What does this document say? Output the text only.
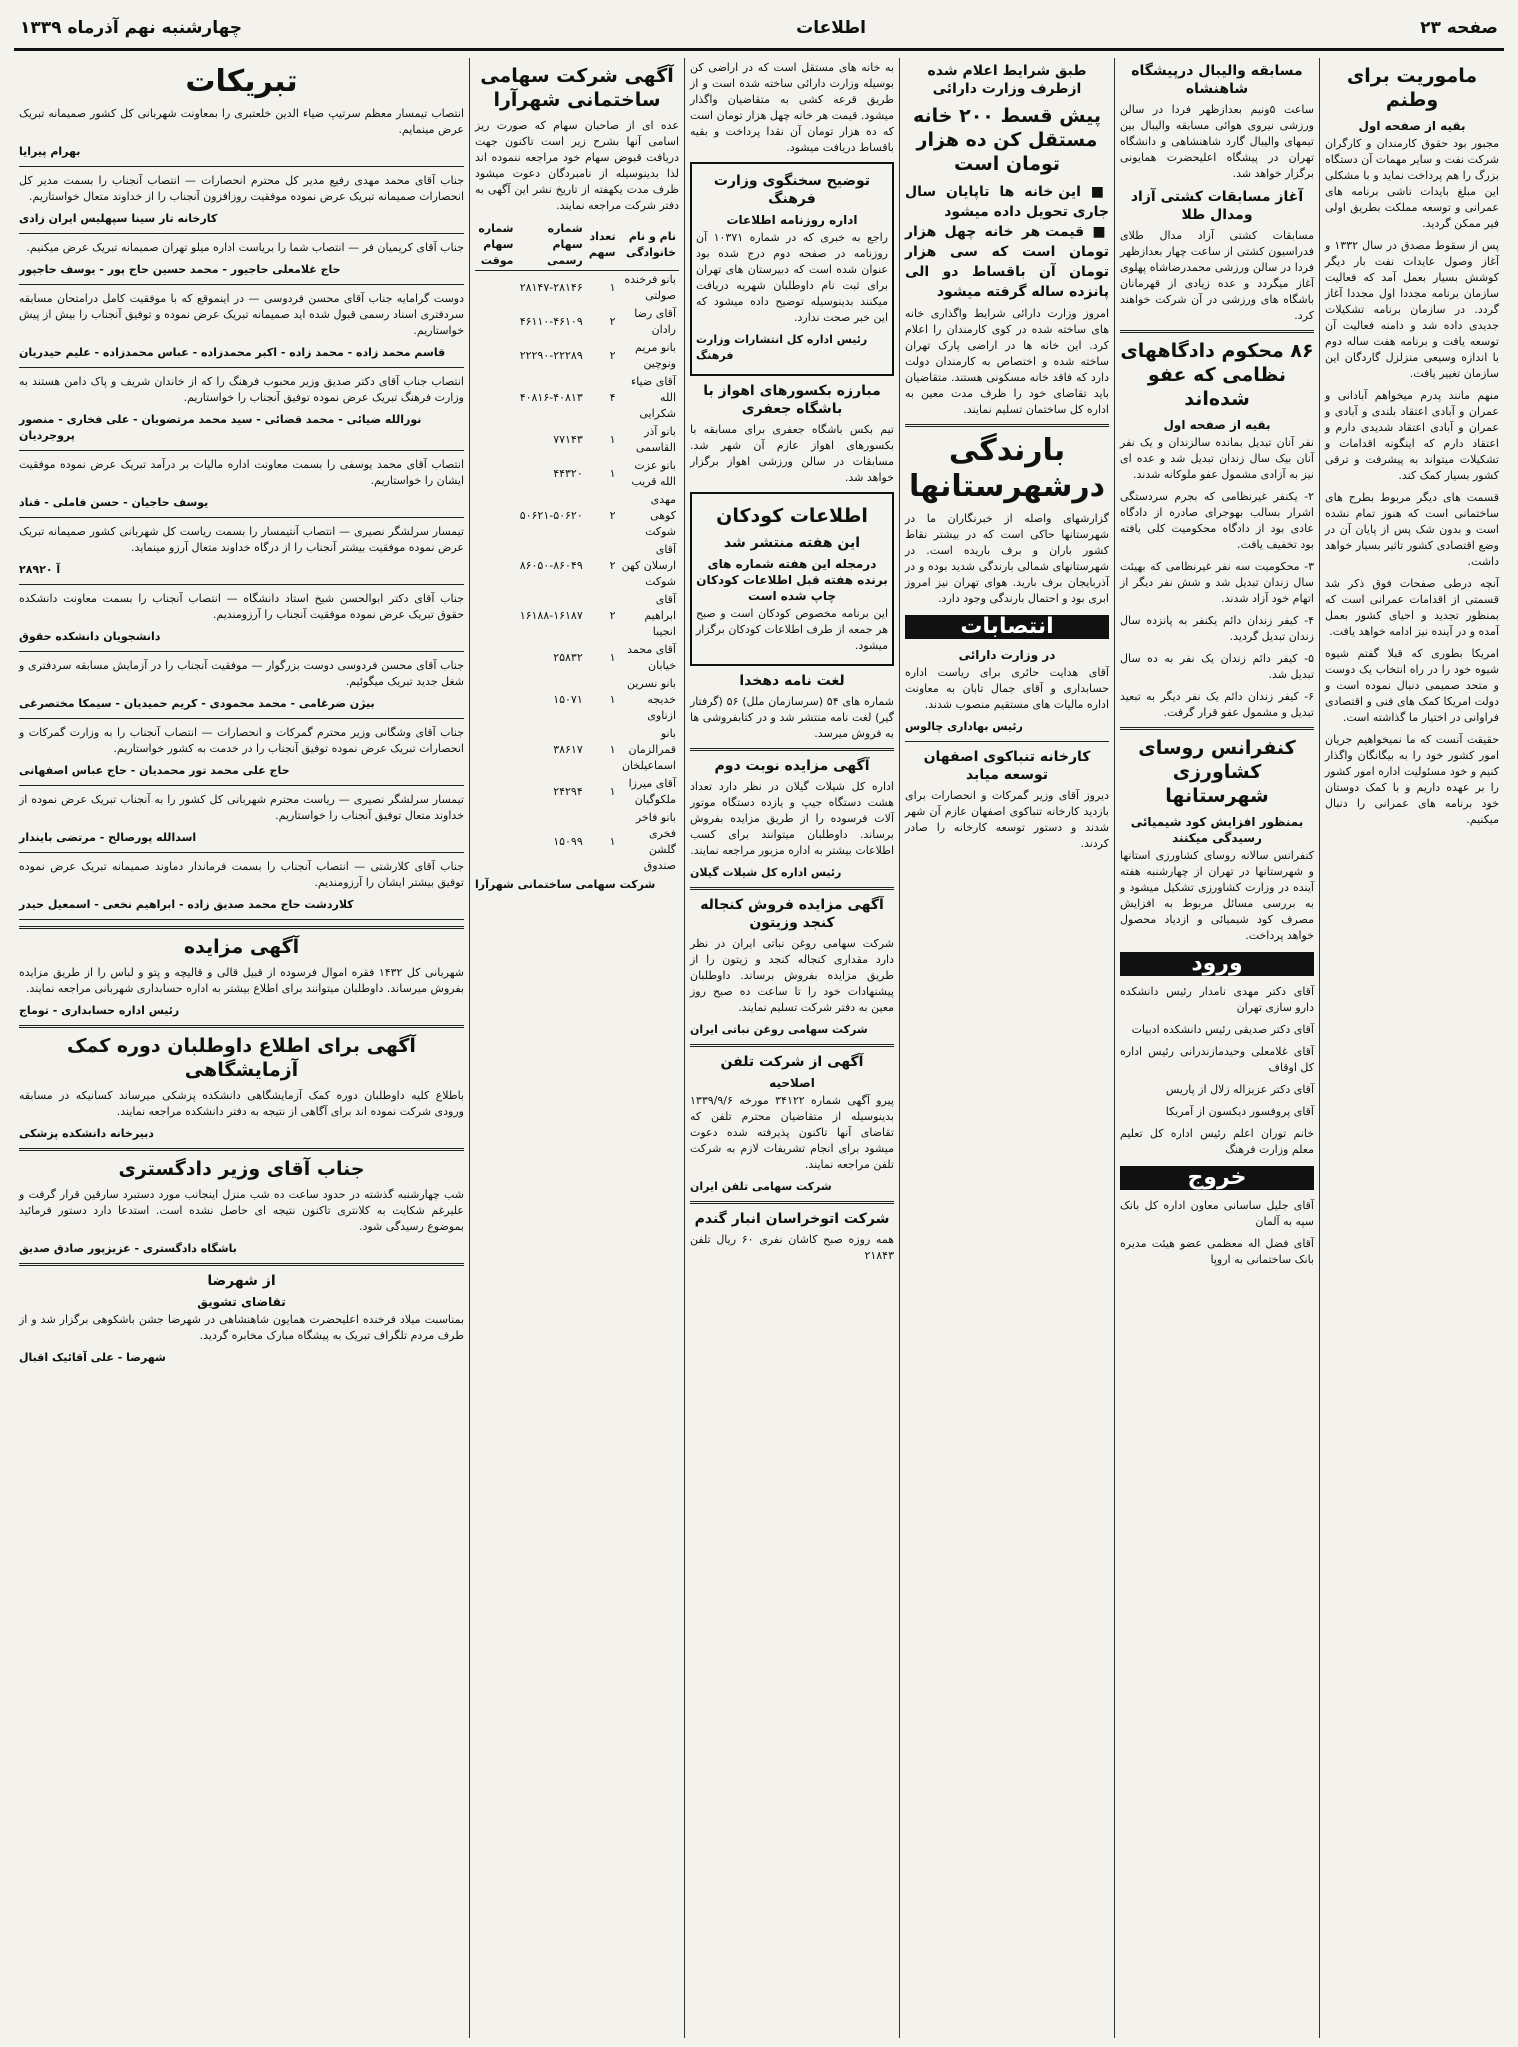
صفحه ۲۳
اطلاعات
چهارشنبه نهم آذرماه ۱۳۳۹
ماموریت برای وطنم
بقیه از صفحه اول

مجبور بود حقوق کارمندان و کارگران شرکت نفت و سایر مهمات آن دستگاه بزرگ را هم پرداخت نماید و با مشکلی این مبلغ بایدات ناشی برنامه های عمرانی و توسعه مملکت بطریق اولی فیر ممکن گردید.

پس از سقوط مصدق در سال ۱۳۳۲ و آغاز وصول عایدات نفت بار دیگر کوشش بسیار بعمل آمد که فعالیت سازمان برنامه مجددا اول مجددا آغاز گردد. در سازمان برنامه تشکیلات جدیدی داده شد و دامنه فعالیت آن توسعه یافت و برنامه هفت ساله دوم با اندازه وسیعی منزلزل گاردگان این سازمان تغییر یافت.

منهم مانند پدرم میخواهم آبادانی و عمران و آبادی اعتقاد بلندی و آبادی و عمران و آبادی اعتقاد شدیدی دارم و اعتقاد دارم که اینگونه اقدامات و تشکیلات میتواند به پیشرفت و ترقی کشور بسیار کمک کند.

قسمت های دیگر مربوط بطرح های ساختمانی است که هنوز تمام نشده است و بدون شک پس از پایان آن در وضع اقتصادی کشور تاثیر بسیار خواهد داشت.

آنچه درطی صفحات فوق ذکر شد قسمتی از اقدامات عمرانی است که بمنظور تجدید و احیای کشور بعمل آمده و در آینده نیز ادامه خواهد یافت.

امریکا بطوری که قبلا گفتم شیوه شیوه خود را در راه انتخاب یک دوست و متحد صمیمی دنبال نموده است و دولت امریکا کمک های فنی و اقتصادی فراوانی در اختیار ما گذاشته است.

حقیقت آنست که ما نمیخواهیم جریان امور کشور خود را به بیگانگان واگذار کنیم و خود مسئولیت اداره امور کشور را بر عهده داریم و با کمک دوستان خود برنامه های عمرانی را دنبال میکنیم.

مسابقه والیبال درپیشگاه شاهنشاه

ساعت ۵ونیم بعدازظهر فردا در سالن ورزشی نیروی هوائی مسابقه والیبال بین تیمهای والیبال گارد شاهنشاهی و دانشگاه تهران در پیشگاه اعلیحضرت همایونی برگزار خواهد شد.

آغاز مسابقات کشتی آزاد ومدال طلا

مسابقات کشتی آزاد مدال طلای فدراسیون کشتی از ساعت چهار بعدازظهر فردا در سالن ورزشی محمدرضاشاه پهلوی آغاز میگردد و عده زیادی از قهرمانان باشگاه های ورزشی در آن شرکت خواهند کرد.

۸۶ محکوم دادگاههای نظامی که عفو شده‌اند
بقیه از صفحه اول

نفر آنان تبدیل بمانده سالزندان و یک نفر آنان بیک سال زندان تبدیل شد و عده ای نیز به آزادی مشمول عفو ملوکانه شدند.

۲- یکنفر غیرنظامی که بجرم سردستگی اشرار بسالب بهوجرای صادره از دادگاه عادی بود از دادگاه محکومیت کلی یافته بود تخفیف یافت.

۳- محکومیت سه نفر غیرنظامی که بهیئت سال زندان تبدیل شد و شش نفر دیگر از اتهام خود آزاد شدند.

۴- کیفر زندان دائم یکنفر به پانزده سال زندان تبدیل گردید.

۵- کیفر دائم زندان یک نفر به ده سال تبدیل شد.

۶- کیفر زندان دائم یک نفر دیگر به تبعید تبدیل و مشمول عفو قرار گرفت.

کنفرانس روسای کشاورزی شهرستانها
بمنظور افزایش کود شیمیائی رسیدگی میکنند

کنفرانس سالانه روسای کشاورزی استانها و شهرستانها در تهران از چهارشنبه هفته آینده در وزارت کشاورزی تشکیل میشود و به بررسی مسائل مربوط به افزایش مصرف کود شیمیائی و ازدیاد محصول خواهد پرداخت.

ورود

آقای دکتر مهدی نامدار رئیس دانشکده دارو سازی تهران

آقای دکتر صدیقی رئیس دانشکده ادبیات

آقای غلامعلی وحیدمازندرانی رئیس اداره کل اوقاف

آقای دکتر عزیزاله زلال از پاریس

آقای پروفسور دیکسون از آمریکا

خانم توران اعلم رئیس اداره کل تعلیم معلم وزارت فرهنگ

خروج

آقای جلیل ساسانی معاون اداره کل بانک سپه به آلمان

آقای فضل اله معظمی عضو هیئت مدیره بانک ساختمانی به اروپا

طبق شرایط اعلام شده ازطرف وزارت دارائی
پیش قسط ۲۰۰ خانه مستقل کن ده هزار تومان است
■ این خانه ها تاپایان سال جاری تحویل داده میشود
■ قیمت هر خانه چهل هزار تومان است که سی هزار تومان آن باقساط دو الی پانزده ساله گرفته میشود

امروز وزارت دارائی شرایط واگذاری خانه های ساخته شده در کوی کارمندان را اعلام کرد. این خانه ها در اراضی پارک تهران ساخته شده و اختصاص به کارمندان دولت دارد که فاقد خانه مسکونی هستند. متقاضیان باید تقاضای خود را ظرف مدت معین به اداره کل ساختمان تسلیم نمایند.

بارندگی درشهرستانها

گزارشهای واصله از خبرنگاران ما در شهرستانها حاکی است که در بیشتر نقاط کشور باران و برف باریده است. در شهرستانهای شمالی بارندگی شدید بوده و در آذربایجان برف بارید. هوای تهران نیز امروز ابری بود و احتمال بارندگی وجود دارد.

انتصابات
در وزارت دارائی

آقای هدایت حائری برای ریاست اداره حسابداری و آقای جمال تابان به معاونت اداره مالیات های مستقیم منصوب شدند.

رئیس بهاداری چالوس
کارخانه تنباکوی اصفهان توسعه میابد

دیروز آقای وزیر گمرکات و انحصارات برای بازدید کارخانه تنباکوی اصفهان عازم آن شهر شدند و دستور توسعه کارخانه را صادر کردند.

به خانه های مستقل است که در اراضی کن بوسیله وزارت دارائی ساخته شده است و از طریق قرعه کشی به متقاضیان واگذار میشود. قیمت هر خانه چهل هزار تومان است که ده هزار تومان آن نقدا پرداخت و بقیه باقساط دریافت میشود.

توضیح سخنگوی وزارت فرهنگ
اداره روزنامه اطلاعات

راجع به خبری که در شماره ۱۰۳۷۱ آن روزنامه در صفحه دوم درج شده بود عنوان شده است که دبیرستان های تهران برای ثبت نام داوطلبان شهریه دریافت میکنند بدینوسیله توضیح داده میشود که این خبر صحت ندارد.

رئیس اداره کل انتشارات وزارت فرهنگ
مبارزه بکسورهای اهواز با باشگاه جعفری

تیم بکس باشگاه جعفری برای مسابقه با بکسورهای اهواز عازم آن شهر شد. مسابقات در سالن ورزشی اهواز برگزار خواهد شد.

اطلاعات کودکان
این هفته منتشر شد
درمجله این هفته شماره های برنده هفته قبل اطلاعات کودکان چاپ شده است

این برنامه مخصوص کودکان است و صبح هر جمعه از طرف اطلاعات کودکان برگزار میشود.

لغت نامه دهخدا

شماره های ۵۴ (سرسازمان ملل) ۵۶ (گرفتار گیر) لغت نامه منتشر شد و در کتابفروشی ها به فروش میرسد.

آگهی مزایده نوبت دوم

اداره کل شیلات گیلان در نظر دارد تعداد هشت دستگاه جیپ و یازده دستگاه موتور آلات فرسوده را از طریق مزایده بفروش برساند. داوطلبان میتوانند برای کسب اطلاعات بیشتر به اداره مزبور مراجعه نمایند.

رئیس اداره کل شیلات گیلان
آگهی مزایده فروش کنجاله کنجد وزیتون

شرکت سهامی روغن نباتی ایران در نظر دارد مقداری کنجاله کنجد و زیتون را از طریق مزایده بفروش برساند. داوطلبان پیشنهادات خود را تا ساعت ده صبح روز معین به دفتر شرکت تسلیم نمایند.

شرکت سهامی روغن نباتی ایران
آگهی از شرکت تلفن
اصلاحیه

پیرو آگهی شماره ۳۴۱۲۲ مورخه ۱۳۳۹/۹/۶ بدینوسیله از متقاضیان محترم تلفن که تقاضای آنها تاکنون پذیرفته شده دعوت میشود برای انجام تشریفات لازم به شرکت تلفن مراجعه نمایند.

شرکت سهامی تلفن ایران
شرکت اتوخراسان انبار گندم

همه روزه صبح کاشان نفری ۶۰ ریال تلفن ۲۱۸۴۳

آگهی شرکت سهامی ساختمانی شهرآرا

عده ای از صاحبان سهام که صورت ریز اسامی آنها بشرح زیر است تاکنون جهت دریافت قبوض سهام خود مراجعه ننموده اند لذا بدینوسیله از نامبردگان دعوت میشود ظرف مدت یکهفته از تاریخ نشر این آگهی به دفتر شرکت مراجعه نمایند.

نام و نام خانوادگی	تعداد سهم	شماره سهام رسمی	شماره سهام موقت
بانو فرخنده صولتی	۱	۲۸۱۴۷-۲۸۱۴۶	
آقای رضا رادان	۲	۴۶۱۱۰-۴۶۱۰۹	
بانو مریم ونوچین	۲	۲۲۲۹۰-۲۲۲۸۹	
آقای ضیاء الله شکرایی	۴	۴۰۸۱۶-۴۰۸۱۳	
بانو آذر القاسمی	۱	۷۷۱۴۳	
بانو عزت الله قریب	۱	۴۴۳۲۰	
مهدی کوهی شوکت	۲	۵۰۶۲۱-۵۰۶۲۰	
آقای ارسلان کهن شوکت	۲	۸۶۰۵۰-۸۶۰۴۹	
آقای ابراهیم انجیبا	۲	۱۶۱۸۸-۱۶۱۸۷	
آقای محمد خیابان	۱	۲۵۸۳۲	
بانو نسرین خدیجه ازناوی	۱	۱۵۰۷۱	
بانو قمرالزمان اسماعیلخان	۱	۳۸۶۱۷	
آقای میرزا ملکوگیان	۱	۲۴۲۹۴	
بانو فاخر فخری گلشن صندوق	۱	۱۵۰۹۹	
شرکت سهامی ساختمانی شهرآرا
تبریکات

انتصاب تیمسار معظم سرتیپ ضیاء الدین خلعتبری را بمعاونت شهربانی کل کشور صمیمانه تبریک عرض مینمایم.

بهرام پیرایا

جناب آقای محمد مهدی رفیع مدیر کل محترم انحصارات — انتصاب آنجناب را بسمت مدیر کل انحصارات صمیمانه تبریک عرض نموده موفقیت روزافزون آنجناب را از خداوند متعال خواستاریم.

کارخانه تار سینا سپهلیس ایران زادی

جناب آقای کریمیان فر — انتصاب شما را بریاست اداره میلو تهران صمیمانه تبریک عرض میکنیم.

حاج غلامعلی حاجیور - محمد حسین حاج پور - یوسف حاجپور

دوست گرامایه جناب آقای محسن فردوسی — در اینموقع که با موفقیت کامل درامتحان مسابقه سردفتری اسناد رسمی قبول شده اید صمیمانه تبریک عرض نموده و توفیق آنجناب را بیش از پیش خواستاریم.

قاسم محمد زاده - محمد زاده - اکبر محمدزاده - عباس محمدزاده - علیم حیدریان

انتصاب جناب آقای دکتر صدیق وزیر محبوب فرهنگ را که از خاندان شریف و پاک دامن هستند به وزارت فرهنگ تبریک عرض نموده توفیق آنجناب را خواستاریم.

نورالله ضیائی - محمد قضائی - سید محمد مرتضویان - علی فخاری - منصور پروجردیان

انتصاب آقای محمد یوسفی را بسمت معاونت اداره مالیات بر درآمد تبریک عرض نموده موفقیت ایشان را خواستاریم.

یوسف حاجیان - حسن فاملی - قناد

تیمسار سرلشگر نصیری — انتصاب آنتیمسار را بسمت ریاست کل شهربانی کشور صمیمانه تبریک عرض نموده موفقیت بیشتر آنجناب را از درگاه خداوند متعال آرزو مینماید.

آ ۲۸۹۲۰

جناب آقای دکتر ابوالحسن شیخ استاد دانشگاه — انتصاب آنجناب را بسمت معاونت دانشکده حقوق تبریک عرض نموده موفقیت آنجناب را آرزومندیم.

دانشجویان دانشکده حقوق

جناب آقای محسن فردوسی دوست بزرگوار — موفقیت آنجناب را در آزمایش مسابقه سردفتری و شغل جدید تبریک میگوئیم.

بیژن ضرغامی - محمد محمودی - کریم حمیدیان - سیمکا مختصرغی

جناب آقای وشگانی وزیر محترم گمرکات و انحصارات — انتصاب آنجناب را به وزارت گمرکات و انحصارات تبریک عرض نموده توفیق آنجناب را در خدمت به کشور خواستاریم.

حاج علی محمد تور محمدیان - حاج عباس اصفهانی

تیمسار سرلشگر نصیری — ریاست محترم شهربانی کل کشور را به آنجناب تبریک عرض نموده از خداوند متعال توفیق آنجناب را خواستاریم.

اسدالله پورصالح - مرتضی بایندار

جناب آقای کلارشتی — انتصاب آنجناب را بسمت فرماندار دماوند صمیمانه تبریک عرض نموده توفیق بیشتر ایشان را آرزومندیم.

کلاردشت حاج محمد صدیق زاده - ابراهیم نخعی - اسمعیل حیدر
آگهی مزایده

شهربانی کل ۱۴۳۲ فقره اموال فرسوده از قبیل قالی و قالیچه و پتو و لباس را از طریق مزایده بفروش میرساند. داوطلبان میتوانند برای اطلاع بیشتر به اداره حسابداری شهربانی مراجعه نمایند.

رئیس اداره حسابداری - توماج
آگهی برای اطلاع داوطلبان دوره کمک آزمایشگاهی

باطلاع کلیه داوطلبان دوره کمک آزمایشگاهی دانشکده پزشکی میرساند کسانیکه در مسابقه ورودی شرکت نموده اند برای آگاهی از نتیجه به دفتر دانشکده مراجعه نمایند.

دبیرخانه دانشکده پزشکی
جناب آقای وزیر دادگستری

شب چهارشنبه گذشته در حدود ساعت ده شب منزل اینجانب مورد دستبرد سارقین قرار گرفت و علیرغم شکایت به کلانتری تاکنون نتیجه ای حاصل نشده است. استدعا دارد دستور فرمائید بموضوع رسیدگی شود.

باشگاه دادگستری - عزیزپور صادق صدیق
از شهرضا
تقاضای تشویق

بمناسبت میلاد فرخنده اعلیحضرت همایون شاهنشاهی در شهرضا جشن باشکوهی برگزار شد و از طرف مردم تلگراف تبریک به پیشگاه مبارک مخابره گردید.

شهرضا - علی آقائیک اقبال
